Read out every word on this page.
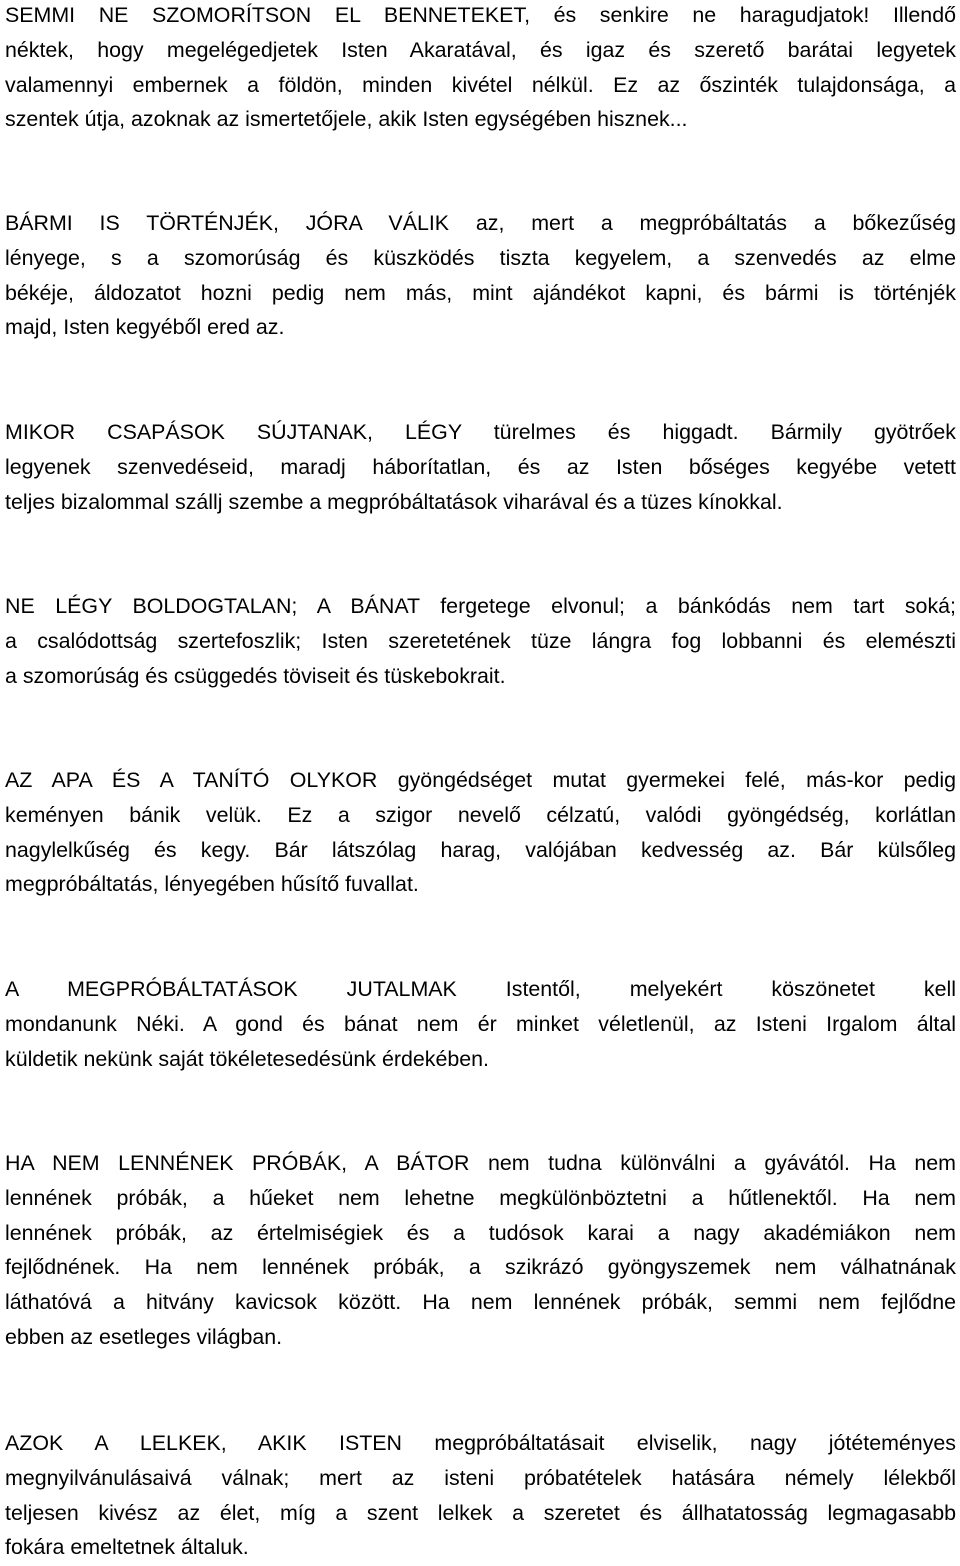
SEMMI NE SZOMORÍTSON EL BENNETEKET, és senkire ne haragudjatok! Illendő
néktek, hogy megelégedjetek Isten Akaratával, és igaz és szerető barátai legyetek
valamennyi embernek a földön, minden kivétel nélkül. Ez az őszinték tulajdonsága, a
szentek útja, azoknak az ismertetőjele, akik Isten egységében hisznek...
BÁRMI IS TÖRTÉNJÉK, JÓRA VÁLIK az, mert a megpróbáltatás a bőkezűség
lényege, s a szomorúság és küszködés tiszta kegyelem, a szenvedés az elme
békéje, áldozatot hozni pedig nem más, mint ajándékot kapni, és bármi is történjék
majd, Isten kegyéből ered az.
MIKOR CSAPÁSOK SÚJTANAK, LÉGY türelmes és higgadt. Bármily gyötrőek
legyenek szenvedéseid, maradj háborítatlan, és az Isten bőséges kegyébe vetett
teljes bizalommal szállj szembe a megpróbáltatások viharával és a tüzes kínokkal.
NE LÉGY BOLDOGTALAN; A BÁNAT fergetege elvonul; a bánkódás nem tart soká;
a csalódottság szertefoszlik; Isten szeretetének tüze lángra fog lobbanni és elemészti
a szomorúság és csüggedés töviseit és tüskebokrait.
AZ APA ÉS A TANÍTÓ OLYKOR gyöngédséget mutat gyermekei felé, más-kor pedig
keményen bánik velük. Ez a szigor nevelő célzatú, valódi gyöngédség, korlátlan
nagylelkűség és kegy. Bár látszólag harag, valójában kedvesség az. Bár külsőleg
megpróbáltatás, lényegében hűsítő fuvallat.
A MEGPRÓBÁLTATÁSOK JUTALMAK Istentől, melyekért köszönetet kell
mondanunk Néki. A gond és bánat nem ér minket véletlenül, az Isteni Irgalom által
küldetik nekünk saját tökéletesedésünk érdekében.
HA NEM LENNÉNEK PRÓBÁK, A BÁTOR nem tudna különválni a gyávától. Ha nem
lennének próbák, a hűeket nem lehetne megkülönböztetni a hűtlenektől. Ha nem
lennének próbák, az értelmiségiek és a tudósok karai a nagy akadémiákon nem
fejlődnének. Ha nem lennének próbák, a szikrázó gyöngyszemek nem válhatnának
láthatóvá a hitvány kavicsok között. Ha nem lennének próbák, semmi nem fejlődne
ebben az esetleges világban.
AZOK A LELKEK, AKIK ISTEN megpróbáltatásait elviselik, nagy jótéteményes
megnyilvánulásaivá válnak; mert az isteni próbatételek hatására némely lélekből
teljesen kivész az élet, míg a szent lelkek a szeretet és állhatatosság legmagasabb
fokára emeltetnek általuk.
